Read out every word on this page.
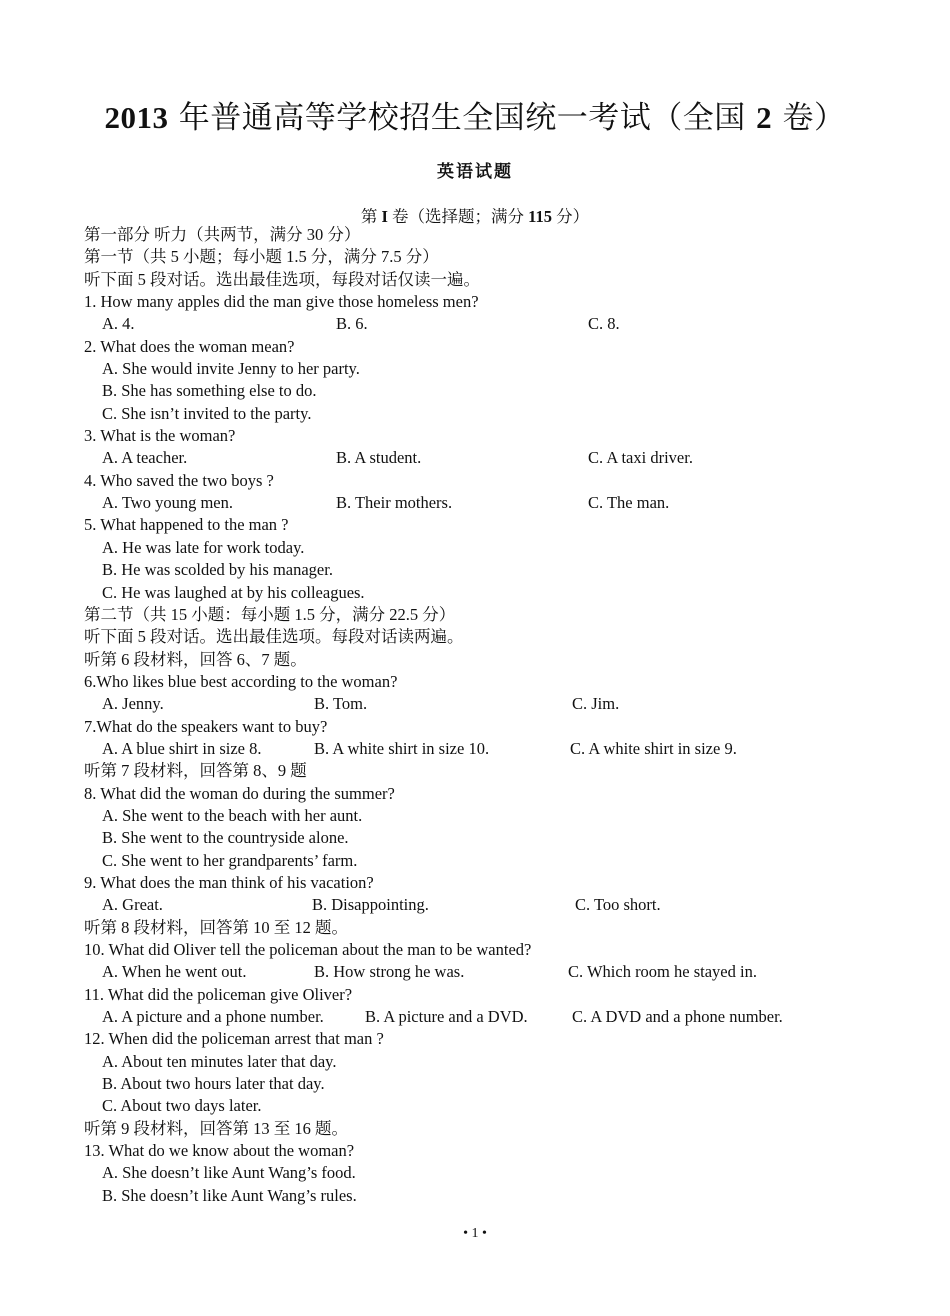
2013 年普通高等学校招生全国统一考试（全国 2 卷）
英语试题
第 I 卷（选择题；满分 115 分）
第一部分 听力（共两节，满分 30 分）
第一节（共 5 小题；每小题 1.5 分，满分 7.5 分）
听下面 5 段对话。选出最佳选项，每段对话仅读一遍。
1. How many apples did the man give those homeless men?
A. 4.	B. 6.	C. 8.
2. What does the woman mean?
A. She would invite Jenny to her party.
B. She has something else to do.
C. She isn’t invited to the party.
3. What is the woman?
A. A teacher.	B. A student.	C. A taxi driver.
4. Who saved the two boys ?
A. Two young men.	B. Their mothers.	C. The man.
5. What happened to the man ?
A. He was late for work today.
B. He was scolded by his manager.
C. He was laughed at by his colleagues.
第二节（共 15 小题：每小题 1.5 分，满分 22.5 分）
听下面 5 段对话。选出最佳选项。每段对话读两遍。
听第 6 段材料，回答 6、7 题。
6.Who likes blue best according to the woman?
A. Jenny.	B. Tom.	C. Jim.
7.What do the speakers want to buy?
A. A blue shirt in size 8.	B. A white shirt in size 10.	C. A white shirt in size 9.
听第 7 段材料，回答第 8、9 题
8. What did the woman do during the summer?
A. She went to the beach with her aunt.
B. She went to the countryside alone.
C. She went to her grandparents’ farm.
9. What does the man think of his vacation?
A. Great.	B. Disappointing.	C. Too short.
听第 8 段材料，回答第 10 至 12 题。
10. What did Oliver tell the policeman about the man to be wanted?
A. When he went out.	B. How strong he was.	C. Which room he stayed in.
11. What did the policeman give Oliver?
A. A picture and a phone number. B. A picture and a DVD.	C. A DVD and a phone number.
12. When did the policeman arrest that man ?
A. About ten minutes later that day.
B. About two hours later that day.
C. About two days later.
听第 9 段材料，回答第 13 至 16 题。
13. What do we know about the woman?
A. She doesn’t like Aunt Wang’s food.
B. She doesn’t like Aunt Wang’s rules.
• 1 •
